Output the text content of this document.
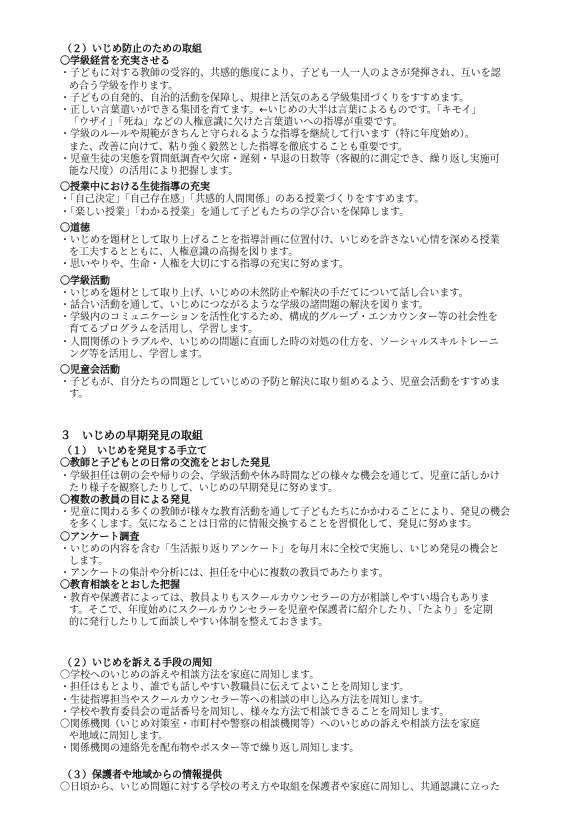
（２）いじめ防止のための取組

〇学級経営を充実させる

・子どもに対する教師の受容的、共感的態度により、子ども一人一人のよさが発揮され、互いを認

め合う学級を作ります。

・子どもの自発的、自治的活動を保障し、規律と活気のある学級集団づくりをすすめます。

・正しい言葉遣いができる集団を育てます。←いじめの大半は言葉によるものです。「キモイ」

「ウザイ」「死ね」などの人権意識に欠けた言葉遣いへの指導が重要です。

・学級のルールや規範がきちんと守られるような指導を継続して行います（特に年度始め）。

また、改善に向けて、粘り強く毅然とした指導を徹底することも重要です。

・児童生徒の実態を質問紙調査や欠席・遅刻・早退の日数等（客観的に測定でき、繰り返し実施可

能な尺度）の活用により把握します。

〇授業中における生徒指導の充実

・「自己決定」「自己存在感」「共感的人間関係」のある授業づくりをすすめます。

・「楽しい授業」「わかる授業」を通して子どもたちの学び合いを保障します。

〇道徳

・いじめを題材として取り上げることを指導計画に位置付け、いじめを許さない心情を深める授業

を工夫するとともに、人権意識の高揚を図ります。

・思いやりや、生命・人権を大切にする指導の充実に努めます。

〇学級活動

・いじめを題材として取り上げ、いじめの未然防止や解決の手だてについて話し合います。

・話合い活動を通して、いじめにつながるような学級の諸問題の解決を図ります。

・学級内のコミュニケーションを活性化するため、構成的グループ・エンカウンター等の社会性を

育てるプログラムを活用し、学習します。

・人間関係のトラブルや、いじめの問題に直面した時の対処の仕方を、ソーシャルスキルトレーニ

ング等を活用し、学習します。

〇児童会活動

・子どもが、自分たちの問題としていじめの予防と解決に取り組めるよう、児童会活動をすすめま

す。

３　いじめの早期発見の取組

（１）　いじめを発見する手立て

〇教師と子どもとの日常の交流をとおした発見

・学級担任は朝の会や帰りの会、学級活動や休み時間などの様々な機会を通じて、児童に話しかけ

たり様子を観察したりして、いじめの早期発見に努めます。

〇複数の教員の目による発見

・児童に関わる多くの教師が様々な教育活動を通して子どもたちにかかわることにより、発見の機会

を多くします。気になることは日常的に情報交換することを習慣化して、発見に努めます。

〇アンケート調査

・いじめの内容を含む「生活振り返りアンケート」を毎月末に全校で実施し、いじめ発見の機会と

します。

・アンケートの集計や分析には、担任を中心に複数の教員であたります。

〇教育相談をとおした把握

・教育や保護者によっては、教員よりもスクールカウンセラーの方が相談しやすい場合もありま

す。そこで、年度始めにスクールカウンセラーを児童や保護者に紹介したり、「たより」を定期

的に発行したりして面談しやすい体制を整えておきます。

（２）いじめを訴える手段の周知

〇学校へのいじめの訴えや相談方法を家庭に周知します。

・担任はもとより、誰でも話しやすい教職員に伝えてよいことを周知します。

・生徒指導担当やスクールカウンセラー等への相談の申し込み方法を周知します。

・学校や教育委員会の電話番号を周知し、様々な方法で相談できることを周知します。

〇関係機関（いじめ対策室・市町村や警察の相談機関等）へのいじめの訴えや相談方法を家庭

や地域に周知します。

・関係機関の連絡先を配布物やポスター等で繰り返し周知します。

（３）保護者や地域からの情報提供

〇日頃から、いじめ問題に対する学校の考え方や取組を保護者や家庭に周知し、共通認識に立った
